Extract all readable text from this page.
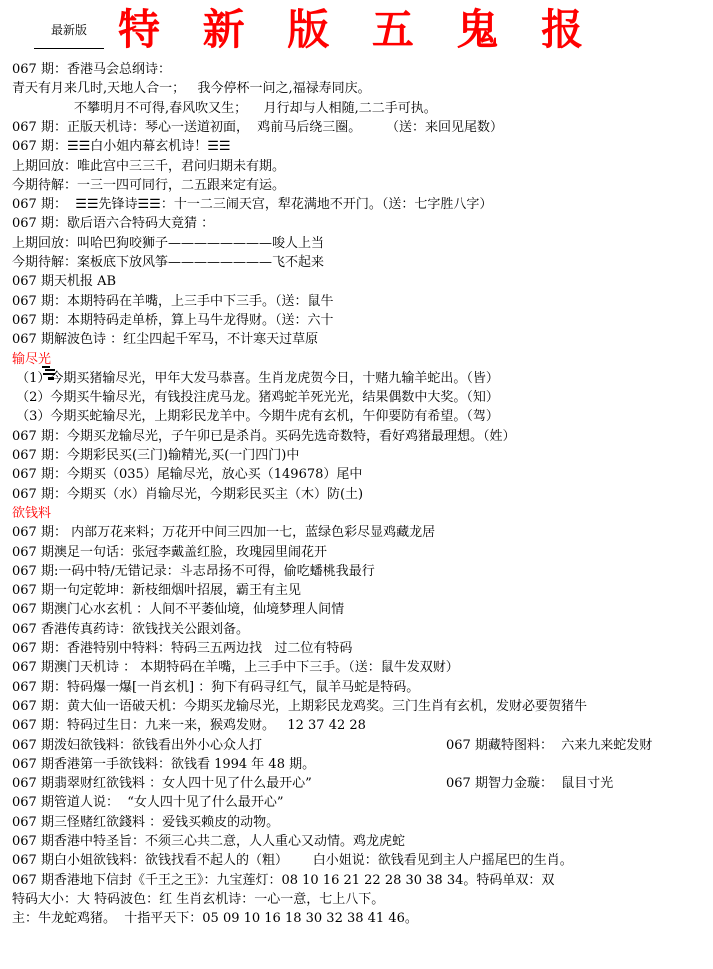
最新版 特 新 版 五 鬼 报
067 期：香港马会总纲诗：
青天有月来几时,天地人合一；   我今停杯一问之,福禄寿同庆。
不攀明月不可得,春风吹又生；    月行却与人相随,二二手可执。
067 期：正版天机诗：琴心一送道初面，  鸡前马后绕三圈。      （送：来回见尾数）
067 期：☰☰白小姐内幕玄机诗！☰☰
上期回放：唯此宫中三三千，君问归期未有期。
今期待解：一三一四可同行，二五跟来定有运。
067 期：  ☰☰先锋诗☰☰：十一二三闹天宫，犁花满地不开门。（送：七字胜八字）
067 期：歇后语六合特码大竟猜 ：
上期回放：叫哈巴狗咬狮子————————唆人上当
今期待解：案板底下放风筝————————飞不起来
067 期天机报 AB
067 期：本期特码在羊嘴，上三手中下三手。（送：鼠牛
067 期：本期特码走单桥，算上马牛龙得财。（送：六十
067 期解波色诗 ：红尘四起千军马，不计寒天过草原
输尽光
（1）今期买猪输尽光，甲年大发马恭喜。生肖龙虎贺今日，十赌九输羊蛇出。（皆）
（2）今期买牛输尽光，有钱投注虎马龙。猪鸡蛇羊死光光，结果偶数中大奖。（知）
（3）今期买蛇输尽光，上期彩民龙羊中。今期牛虎有玄机，午仰要防有希望。（驾）
067 期：今期买龙输尽光，子午卯已是杀肖。买码先选奇数特，看好鸡猪最理想。（姓）
067 期：今期彩民买(三门)输精光,买(一门四门)中
067 期：今期买（035）尾输尽光，放心买（149678）尾中
067 期：今期买（水）肖输尽光，今期彩民买主（木）防(土)
欲钱料
067 期： 内部万花来料；万花开中间三四加一七，蓝绿色彩尽显鸡藏龙居
067 期澳足一句话：张冠李戴盖红脸，玫瑰园里闹花开
067 期:一码中特/无错记录：斗志昂扬不可得，偷吃蟠桃我最行
067 期一句定乾坤：新枝细烟叶招展，霸王有主见
067 期澳门心水玄机 ：人间不平萎仙境，仙境梦理人间情
067 香港传真药诗：欲钱找关公跟刘备。
067 期：香港特别中特料：特码三五两边找   过二位有特码
067 期澳门天机诗 ： 本期特码在羊嘴，上三手中下三手。（送：鼠牛发双财）
067 期：特码爆一爆[一肖玄机] ：狗下有码寻红气，鼠羊马蛇是特码。
067 期：黄大仙一语破天机：今期买龙输尽光，上期彩民龙鸡奖。三门生肖有玄机，发财必要贺猪牛
067 期：特码过生日：九来一来，猴鸡发财。   12 37 42 28
067 期泼妇欲钱料：欲钱看出外小心众人打	067 期藏特图料：  六来九来蛇发财
067 期香港第一手欲钱料：欲钱看 1994 年 48 期。
067 期翡翠财红欲钱料 ：女人四十见了什么最开心”	067 期智力金璇：  鼠目寸光
067 期管道人说：  “女人四十见了什么最开心”
067 期三怪赌红欲錢料 ：爱钱买赖皮的动物。
067 期香港中特圣旨：不须三心共二意，人人重心又动情。鸡龙虎蛇
067 期白小姐欲钱料：欲钱找看不起人的（粗）      白小姐说：欲钱看见到主人户摇尾巴的生肖。
067 期香港地下信封《千王之王》：九宝莲灯：08 10 16 21 22 28 30 38 34。特码单双：双
特码大小：大 特码波色：红 生肖玄机诗：一心一意，七上八下。
主：牛龙蛇鸡猪。  十指平天下：05 09 10 16 18 30 32 38 41 46。
